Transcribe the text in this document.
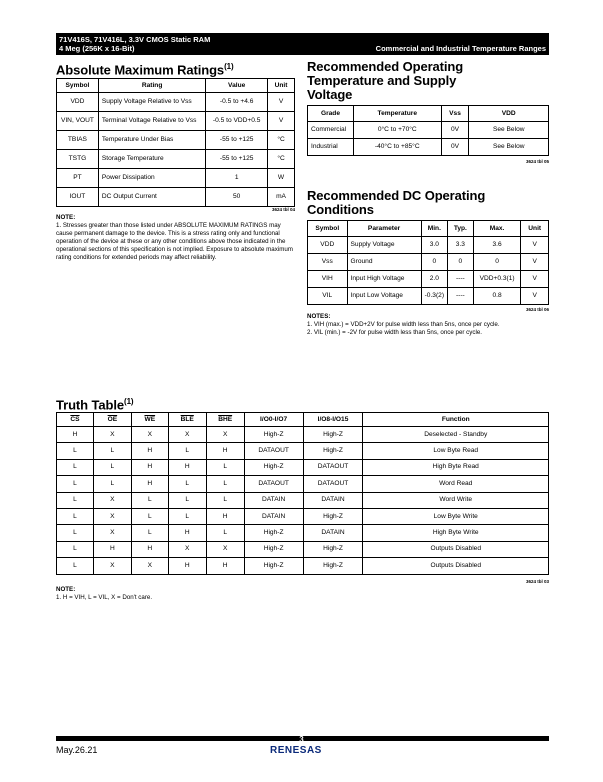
71V416S, 71V416L, 3.3V CMOS Static RAM
4 Meg (256K x 16-Bit)	Commercial and Industrial Temperature Ranges
Absolute Maximum Ratings$^{(1)}$
Symbol	Rating	Value	Unit
VDD	Supply Voltage Relative to Vss	-0.5 to +4.6	V
VIN, VOUT	Terminal Voltage Relative to Vss	-0.5 to VDD+0.5	V
TBIAS	Temperature Under Bias	-55 to +125	°C
TSTG	Storage Temperature	-55 to +125	°C
PT	Power Dissipation	1	W
IOUT	DC Output Current	50	mA
3624 tbl 04
NOTE:
1. Stresses greater than those listed under ABSOLUTE MAXIMUM RATINGS may cause permanent damage to the device. This is a stress rating only and functional operation of the device at these or any other conditions above those indicated in the operational sections of this specification is not implied. Exposure to absolute maximum rating conditions for extended periods may affect reliability.
Recommended Operating
Temperature and Supply
Voltage
Grade	Temperature	Vss	VDD
Commercial	0°C to +70°C	0V	See Below
Industrial	-40°C to +85°C	0V	See Below
3624 tbl 05
Recommended DC Operating
Conditions
Symbol	Parameter	Min.	Typ.	Max.	Unit
VDD	Supply Voltage	3.0	3.3	3.6	V
Vss	Ground	0	0	0	V
VIH	Input High Voltage	2.0	----	VDD+0.3(1)	V
VIL	Input Low Voltage	-0.3(2)	----	0.8	V
3624 tbl 06
NOTES:
1. VIH (max.) = VDD+2V for pulse width less than 5ns, once per cycle.
2. VIL (min.) = -2V for pulse width less than 5ns, once per cycle.
Truth Table$^{(1)}$
$\overline{CS}$	$\overline{OE}$	$\overline{WE}$	$\overline{BLE}$	$\overline{BHE}$	I/O0-I/O7	I/O8-I/O15	Function
H	X	X	X	X	High-Z	High-Z	Deselected - Standby
L	L	H	L	H	DATAOUT	High-Z	Low Byte Read
L	L	H	H	L	High-Z	DATAOUT	High Byte Read
L	L	H	L	L	DATAOUT	DATAOUT	Word Read
L	X	L	L	L	DATAIN	DATAIN	Word Write
L	X	L	L	H	DATAIN	High-Z	Low Byte Write
L	X	L	H	L	High-Z	DATAIN	High Byte Write
L	H	H	X	X	High-Z	High-Z	Outputs Disabled
L	X	X	H	H	High-Z	High-Z	Outputs Disabled
3624 tbl 03
NOTE:
1. H = VIH, L = VIL, X = Don't care.
3
May.26.21	RENESAS
